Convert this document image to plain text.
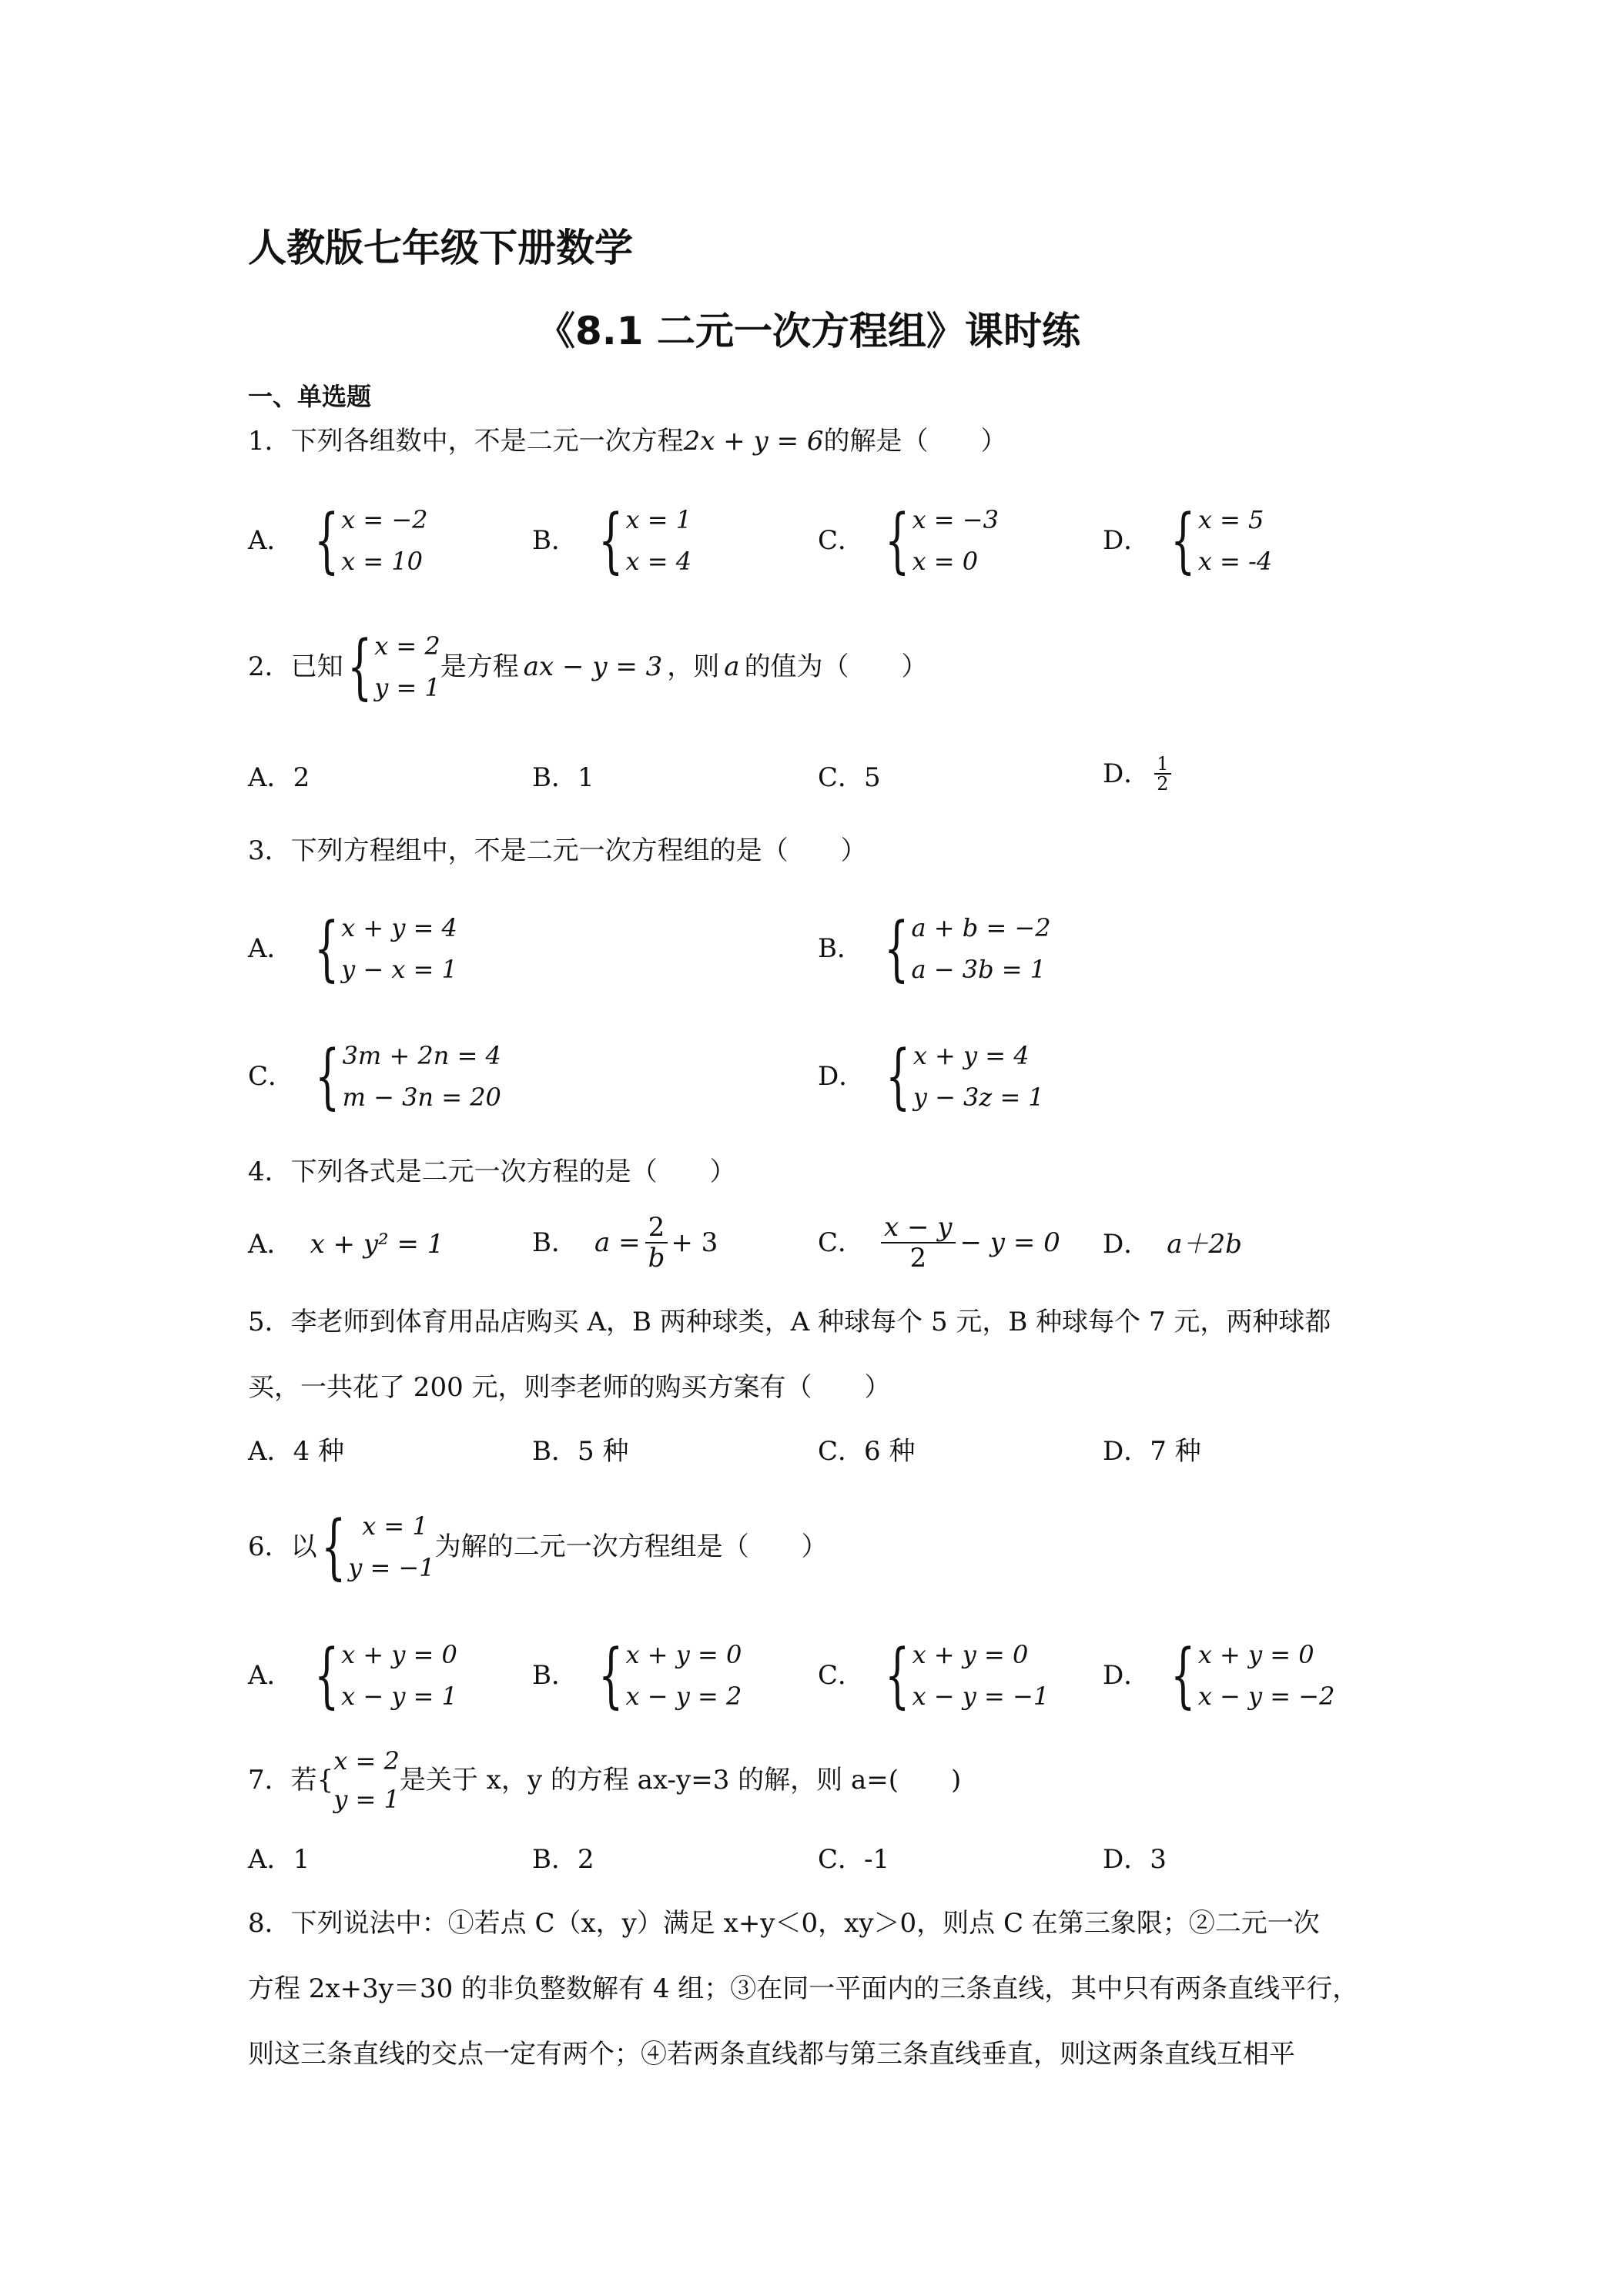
人教版七年级下册数学
《8.1 二元一次方程组》课时练
一、单选题
1．下列各组数中，不是二元一次方程2x + y = 6的解是（　　）
A． { x = −2
x = 10
B． { x = 1
x = 4
C． { x = −3
x = 0
D． { x = 5
x = -4
2．已知 { x = 2
y = 1
是方程 ax − y = 3 ，则 a 的值为（　　）
A．2	B．1	C．5	D． $\frac{1}{2}$
3．下列方程组中，不是二元一次方程组的是（　　）
A． { x + y = 4
y − x = 1
B． { a + b = −2
a − 3b = 1
C． { 3m + 2n = 4
m − 3n = 20
D． { x + y = 4
y − 3z = 1
4．下列各式是二元一次方程的是（　　）
A． x + y² = 1	B． $a = \frac{2}{b} + 3$	C． $\frac{x - y}{2} - y = 0$ D． a＋2b
5．李老师到体育用品店购买 A，B 两种球类，A 种球每个 5 元，B 种球每个 7 元，两种球都
买，一共花了 200 元，则李老师的购买方案有（　　）
A．4 种	B．5 种	C．6 种	D．7 种
6．以 { x = 1
y = −1
为解的二元一次方程组是（　　）
A． { x + y = 0
x − y = 1
B． { x + y = 0
x − y = 2
C． { x + y = 0
x − y = −1
D． { x + y = 0
x − y = −2
7．若{
x = 2
y = 1
是关于 x，y 的方程 ax-y=3 的解，则 a=(　　)
A．1	B．2	C．-1	D．3
8．下列说法中：①若点 C（x，y）满足 x+y＜0，xy＞0，则点 C 在第三象限；②二元一次
方程 2x+3y＝30 的非负整数解有 4 组；③在同一平面内的三条直线，其中只有两条直线平行，
则这三条直线的交点一定有两个；④若两条直线都与第三条直线垂直，则这两条直线互相平
